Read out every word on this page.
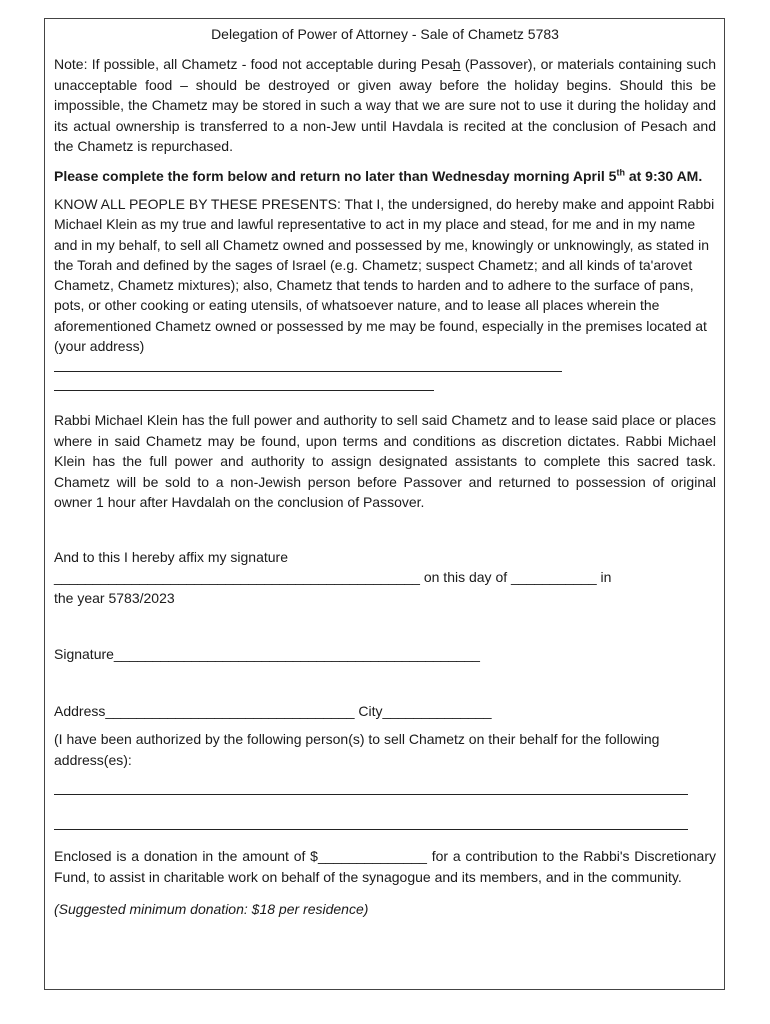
Delegation of Power of Attorney - Sale of Chametz 5783

Note: If possible, all Chametz - food not acceptable during Pesah (Passover), or materials containing such unacceptable food – should be destroyed or given away before the holiday begins. Should this be impossible, the Chametz may be stored in such a way that we are sure not to use it during the holiday and its actual ownership is transferred to a non-Jew until Havdala is recited at the conclusion of Pesach and the Chametz is repurchased.

Please complete the form below and return no later than Wednesday morning April 5th at 9:30 AM.

KNOW ALL PEOPLE BY THESE PRESENTS: That I, the undersigned, do hereby make and appoint Rabbi Michael Klein as my true and lawful representative to act in my place and stead, for me and in my name and in my behalf, to sell all Chametz owned and possessed by me, knowingly or unknowingly, as stated in the Torah and defined by the sages of Israel (e.g. Chametz; suspect Chametz; and all kinds of ta'arovet Chametz, Chametz mixtures); also, Chametz that tends to harden and to adhere to the surface of pans, pots, or other cooking or eating utensils, of whatsoever nature, and to lease all places wherein the aforementioned Chametz owned or possessed by me may be found, especially in the premises located at (your address)

Rabbi Michael Klein has the full power and authority to sell said Chametz and to lease said place or places where in said Chametz may be found, upon terms and conditions as discretion dictates. Rabbi Michael Klein has the full power and authority to assign designated assistants to complete this sacred task. Chametz will be sold to a non-Jewish person before Passover and returned to possession of original owner 1 hour after Havdalah on the conclusion of Passover.

And to this I hereby affix my signature

_______________________________________________ on this day of ___________ in

the year 5783/2023

Signature_______________________________________________

Address________________________________ City______________

(I have been authorized by the following person(s) to sell Chametz on their behalf for the following address(es):

Enclosed is a donation in the amount of $______________ for a contribution to the Rabbi's Discretionary Fund, to assist in charitable work on behalf of the synagogue and its members, and in the community.

(Suggested minimum donation: $18 per residence)
